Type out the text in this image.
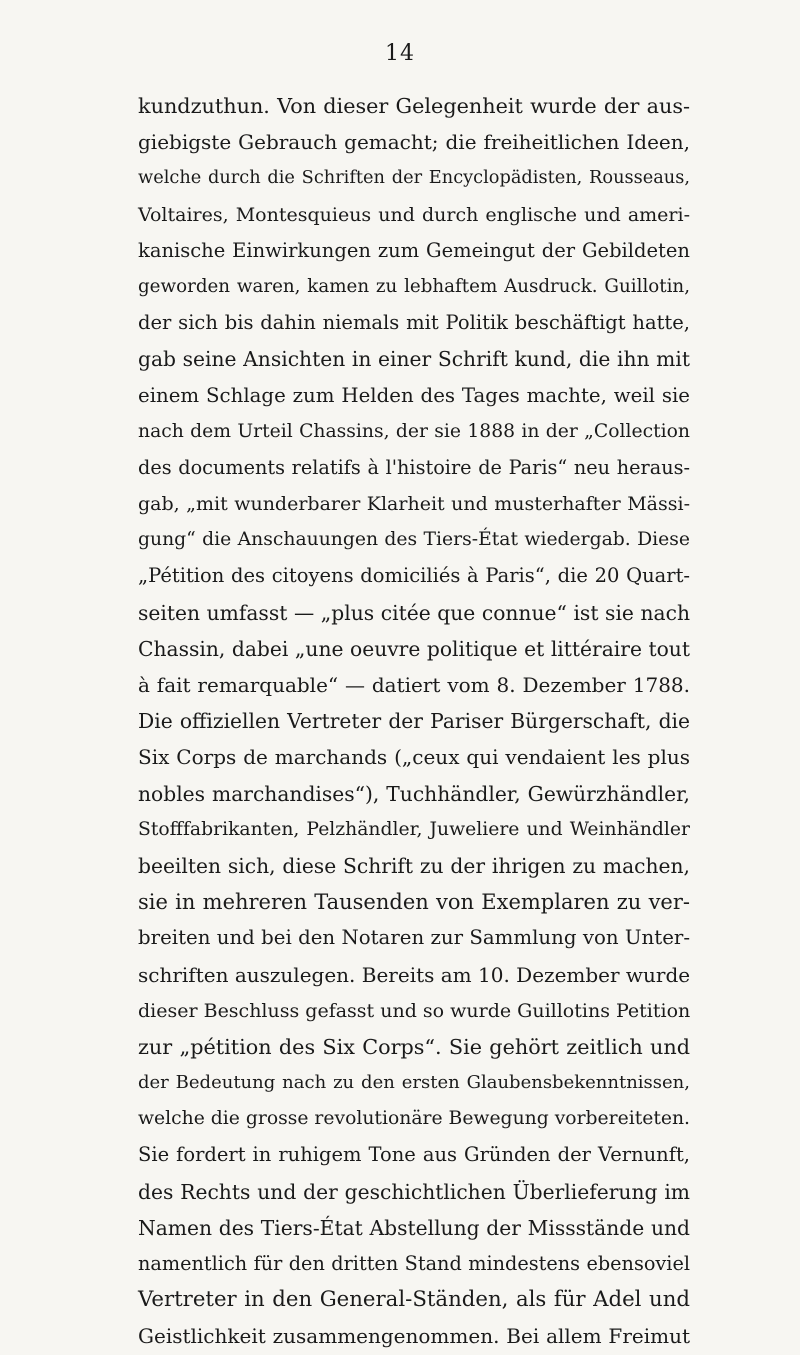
14
kundzuthun. Von dieser Gelegenheit wurde der aus-
giebigste Gebrauch gemacht; die freiheitlichen Ideen,
welche durch die Schriften der Encyclopädisten, Rousseaus,
Voltaires, Montesquieus und durch englische und ameri-
kanische Einwirkungen zum Gemeingut der Gebildeten
geworden waren, kamen zu lebhaftem Ausdruck. Guillotin,
der sich bis dahin niemals mit Politik beschäftigt hatte,
gab seine Ansichten in einer Schrift kund, die ihn mit
einem Schlage zum Helden des Tages machte, weil sie
nach dem Urteil Chassins, der sie 1888 in der „Collection
des documents relatifs à l'histoire de Paris“ neu heraus-
gab, „mit wunderbarer Klarheit und musterhafter Mässi-
gung“ die Anschauungen des Tiers-État wiedergab. Diese
„Pétition des citoyens domiciliés à Paris“, die 20 Quart-
seiten umfasst — „plus citée que connue“ ist sie nach
Chassin, dabei „une oeuvre politique et littéraire tout
à fait remarquable“ — datiert vom 8. Dezember 1788.
Die offiziellen Vertreter der Pariser Bürgerschaft, die
Six Corps de marchands („ceux qui vendaient les plus
nobles marchandises“), Tuchhändler, Gewürzhändler,
Stofffabrikanten, Pelzhändler, Juweliere und Weinhändler
beeilten sich, diese Schrift zu der ihrigen zu machen,
sie in mehreren Tausenden von Exemplaren zu ver-
breiten und bei den Notaren zur Sammlung von Unter-
schriften auszulegen. Bereits am 10. Dezember wurde
dieser Beschluss gefasst und so wurde Guillotins Petition
zur „pétition des Six Corps“. Sie gehört zeitlich und
der Bedeutung nach zu den ersten Glaubensbekenntnissen,
welche die grosse revolutionäre Bewegung vorbereiteten.
Sie fordert in ruhigem Tone aus Gründen der Vernunft,
des Rechts und der geschichtlichen Überlieferung im
Namen des Tiers-État Abstellung der Missstände und
namentlich für den dritten Stand mindestens ebensoviel
Vertreter in den General-Ständen, als für Adel und
Geistlichkeit zusammengenommen. Bei allem Freimut
